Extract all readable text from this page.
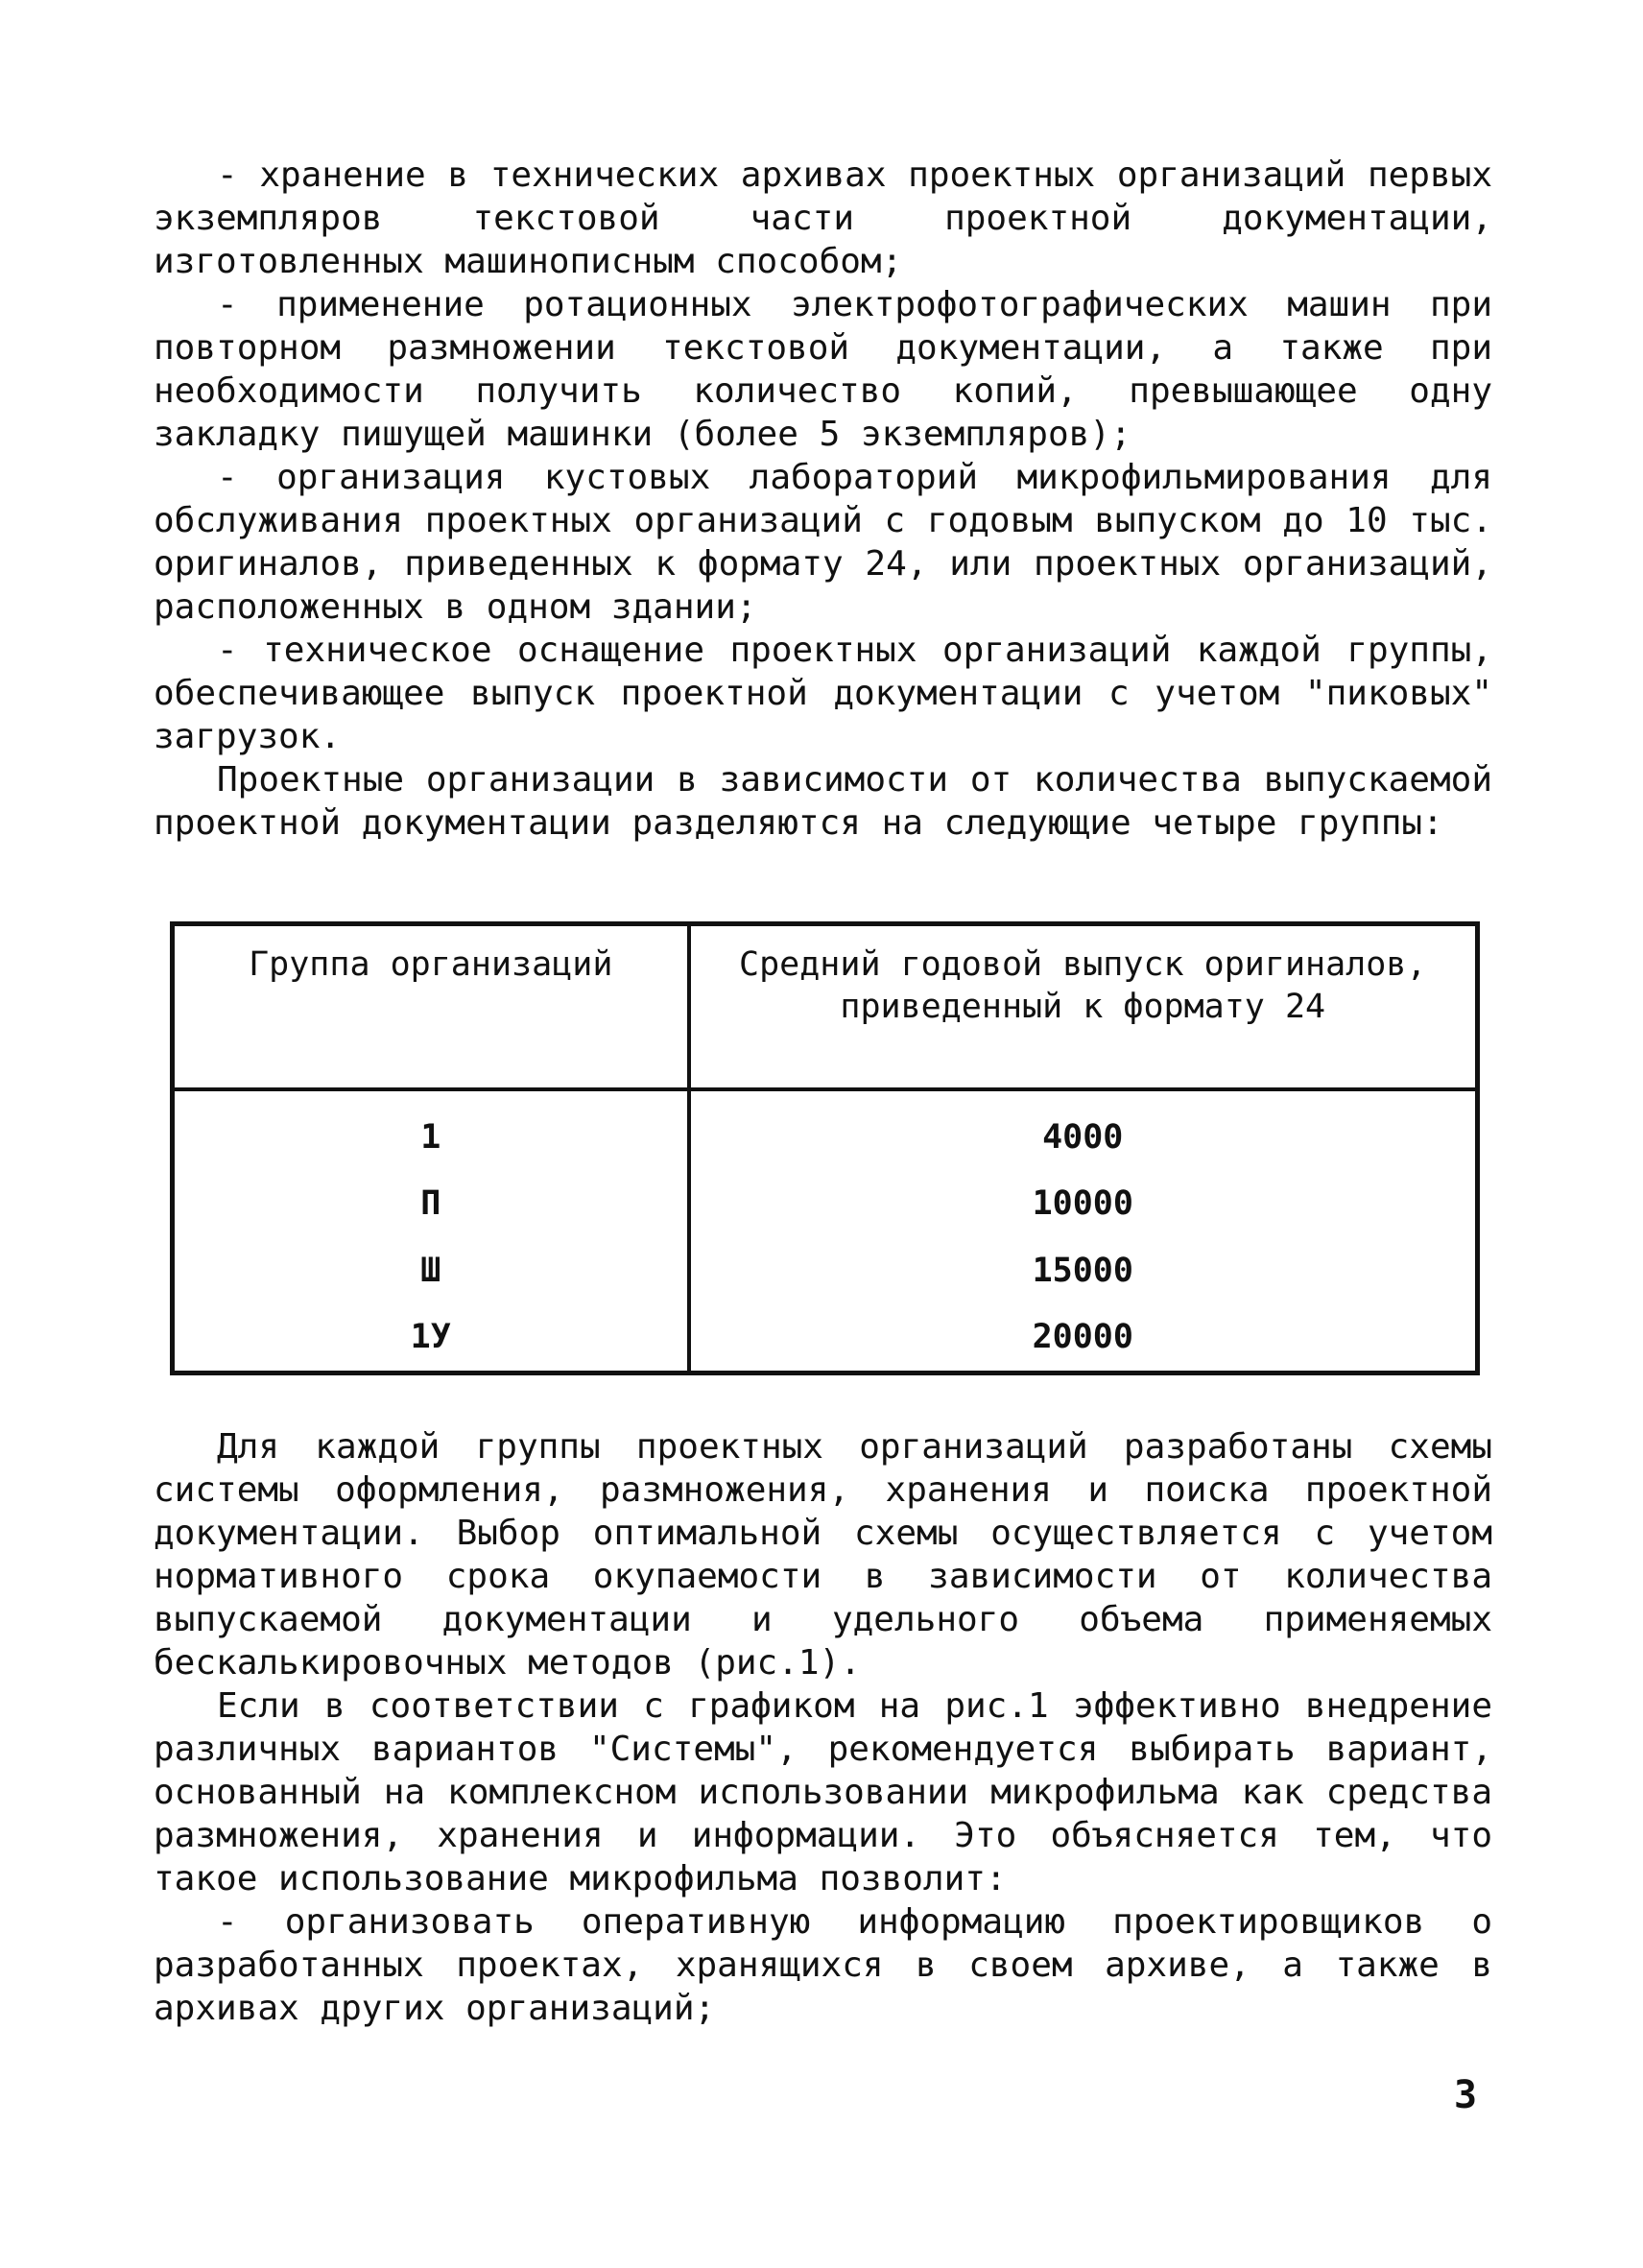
- хранение в технических архивах проектных организаций первых экземпляров текстовой части проектной документации, изготовленных машинописным способом;

- применение ротационных электрофотографических машин при повторном размножении текстовой документации, а также при необходимости получить количество копий, превышающее одну закладку пишущей машинки (более 5 экземпляров);

- организация кустовых лабораторий микрофильмирования для обслуживания проектных организаций с годовым выпуском до 10 тыс. оригиналов, приведенных к формату 24, или проектных организаций, расположенных в одном здании;

- техническое оснащение проектных организаций каждой группы, обеспечивающее выпуск проектной документации с учетом "пиковых" загрузок.

Проектные организации в зависимости от количества выпускаемой проектной документации разделяются на следующие четыре группы:

Группа организаций	Средний годовой выпуск оригиналов, приведенный к формату 24
1	4000
П	10000
Ш	15000
1У	20000

Для каждой группы проектных организаций разработаны схемы системы оформления, размножения, хранения и поиска проектной документации. Выбор оптимальной схемы осуществляется с учетом нормативного срока окупаемости в зависимости от количества выпускаемой документации и удельного объема применяемых бескалькировочных методов (рис.1).

Если в соответствии с графиком на рис.1 эффективно внедрение различных вариантов "Системы", рекомендуется выбирать вариант, основанный на комплексном использовании микрофильма как средства размножения, хранения и информации. Это объясняется тем, что такое использование микрофильма позволит:

- организовать оперативную информацию проектировщиков о разработанных проектах, хранящихся в своем архиве, а также в архивах других организаций;

3
